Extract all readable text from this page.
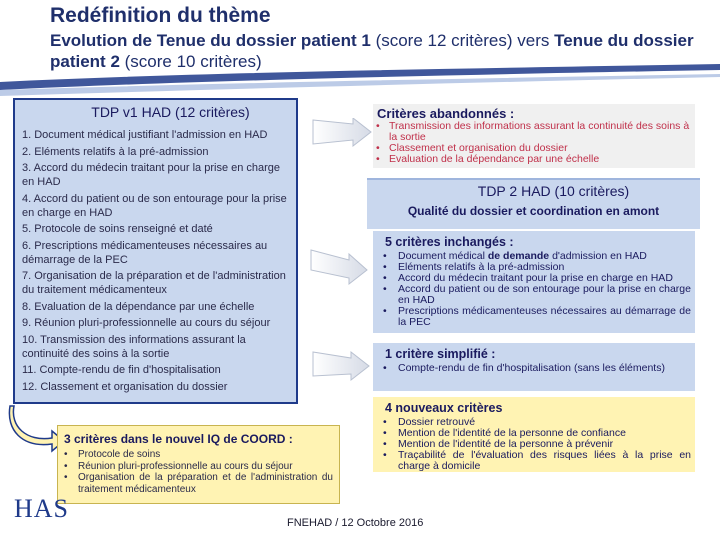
Redéfinition du thème
Evolution de Tenue du dossier patient 1 (score 12 critères) vers Tenue du dossier patient 2 (score 10 critères)
TDP v1 HAD (12 critères)
1. Document médical justifiant l'admission en HAD
2. Eléments relatifs à la pré-admission
3. Accord du médecin traitant pour la prise en charge en HAD
4. Accord du patient ou de son entourage pour la prise en charge en HAD
5. Protocole de soins renseigné et daté
6. Prescriptions médicamenteuses nécessaires au démarrage de la PEC
7. Organisation de la préparation et de l'administration du traitement médicamenteux
8. Evaluation de la dépendance par une échelle
9. Réunion pluri-professionnelle au cours du séjour
10. Transmission des informations assurant la continuité des soins à la sortie
11. Compte-rendu de fin d'hospitalisation
12. Classement et organisation du dossier
3 critères dans le nouvel IQ de COORD :
• Protocole de soins
• Réunion pluri-professionnelle au cours du séjour
• Organisation de la préparation et de l'administration du traitement médicamenteux
HAS
Critères abandonnés :
• Transmission des informations assurant la continuité des soins à la sortie
• Classement et organisation du dossier
• Evaluation de la dépendance par une échelle
TDP 2 HAD (10 critères)
Qualité du dossier et coordination en amont
5 critères inchangés :
• Document médical de demande d'admission en HAD
• Eléments relatifs à la pré-admission
• Accord du médecin traitant pour la prise en charge en HAD
• Accord du patient ou de son entourage pour la prise en charge en HAD
• Prescriptions médicamenteuses nécessaires au démarrage de la PEC
1 critère simplifié :
• Compte-rendu de fin d'hospitalisation (sans les éléments)
4 nouveaux critères
• Dossier retrouvé
• Mention de l'identité de la personne de confiance
• Mention de l'identité de la personne à prévenir
• Traçabilité de l'évaluation des risques liées à la prise en charge à domicile
FNEHAD / 12 Octobre 2016
